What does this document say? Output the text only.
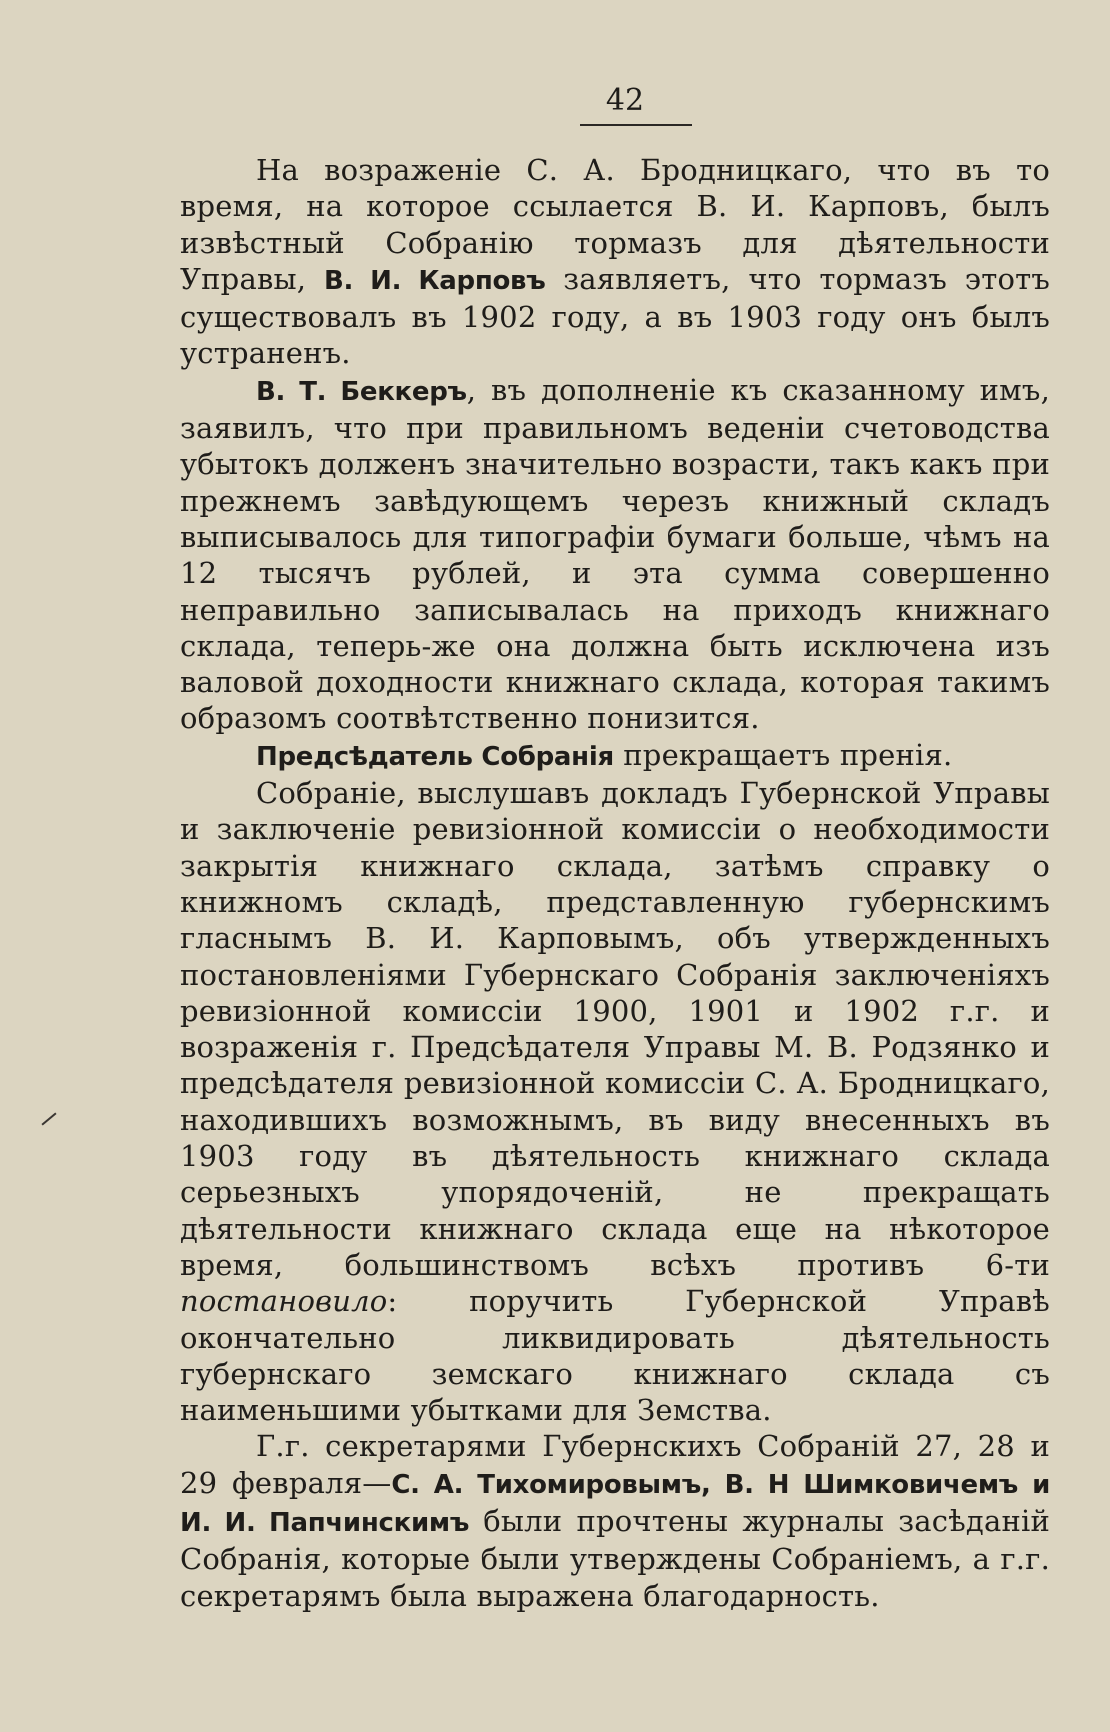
42

На возраженіе С. А. Бродницкаго, что въ то время, на которое ссылается В. И. Карповъ, былъ извѣстный Собранію тормазъ для дѣятельности Управы, В. И. Карповъ заявляетъ, что тормазъ этотъ существовалъ въ 1902 году, а въ 1903 году онъ былъ устраненъ.

В. Т. Беккеръ, въ дополненіе къ сказанному имъ, заявилъ, что при правильномъ веденіи счетоводства убытокъ долженъ значительно возрасти, такъ какъ при прежнемъ завѣдующемъ черезъ книжный складъ выписывалось для типографіи бумаги больше, чѣмъ на 12 тысячъ рублей, и эта сумма совершенно неправильно записывалась на приходъ книжнаго склада, теперь-же она должна быть исключена изъ валовой доходности книжнаго склада, которая такимъ образомъ соотвѣтственно понизится.

Предсѣдатель Собранія прекращаетъ пренія.

Собраніе, выслушавъ докладъ Губернской Управы и заключеніе ревизіонной комиссіи о необходимости закрытія книжнаго склада, затѣмъ справку о книжномъ складѣ, представленную губернскимъ гласнымъ В. И. Карповымъ, объ утвержденныхъ постановленіями Губернскаго Собранія заключеніяхъ ревизіонной комиссіи 1900, 1901 и 1902 г.г. и возраженія г. Предсѣдателя Управы М. В. Родзянко и предсѣдателя ревизіонной комиссіи С. А. Бродницкаго, находившихъ возможнымъ, въ виду внесенныхъ въ 1903 году въ дѣятельность книжнаго склада серьезныхъ упорядоченій, не прекращать дѣятельности книжнаго склада еще на нѣкоторое время, большинствомъ всѣхъ противъ 6-ти постановило: поручить Губернской Управѣ окончательно ликвидировать дѣятельность губернскаго земскаго книжнаго склада съ наименьшими убытками для Земства.

Г.г. секретарями Губернскихъ Собраній 27, 28 и 29 февраля—С. А. Тихомировымъ, В. Н Шимковичемъ и И. И. Папчинскимъ были прочтены журналы засѣданій Собранія, которые были утверждены Собраніемъ, а г.г. секретарямъ была выражена благодарность.
